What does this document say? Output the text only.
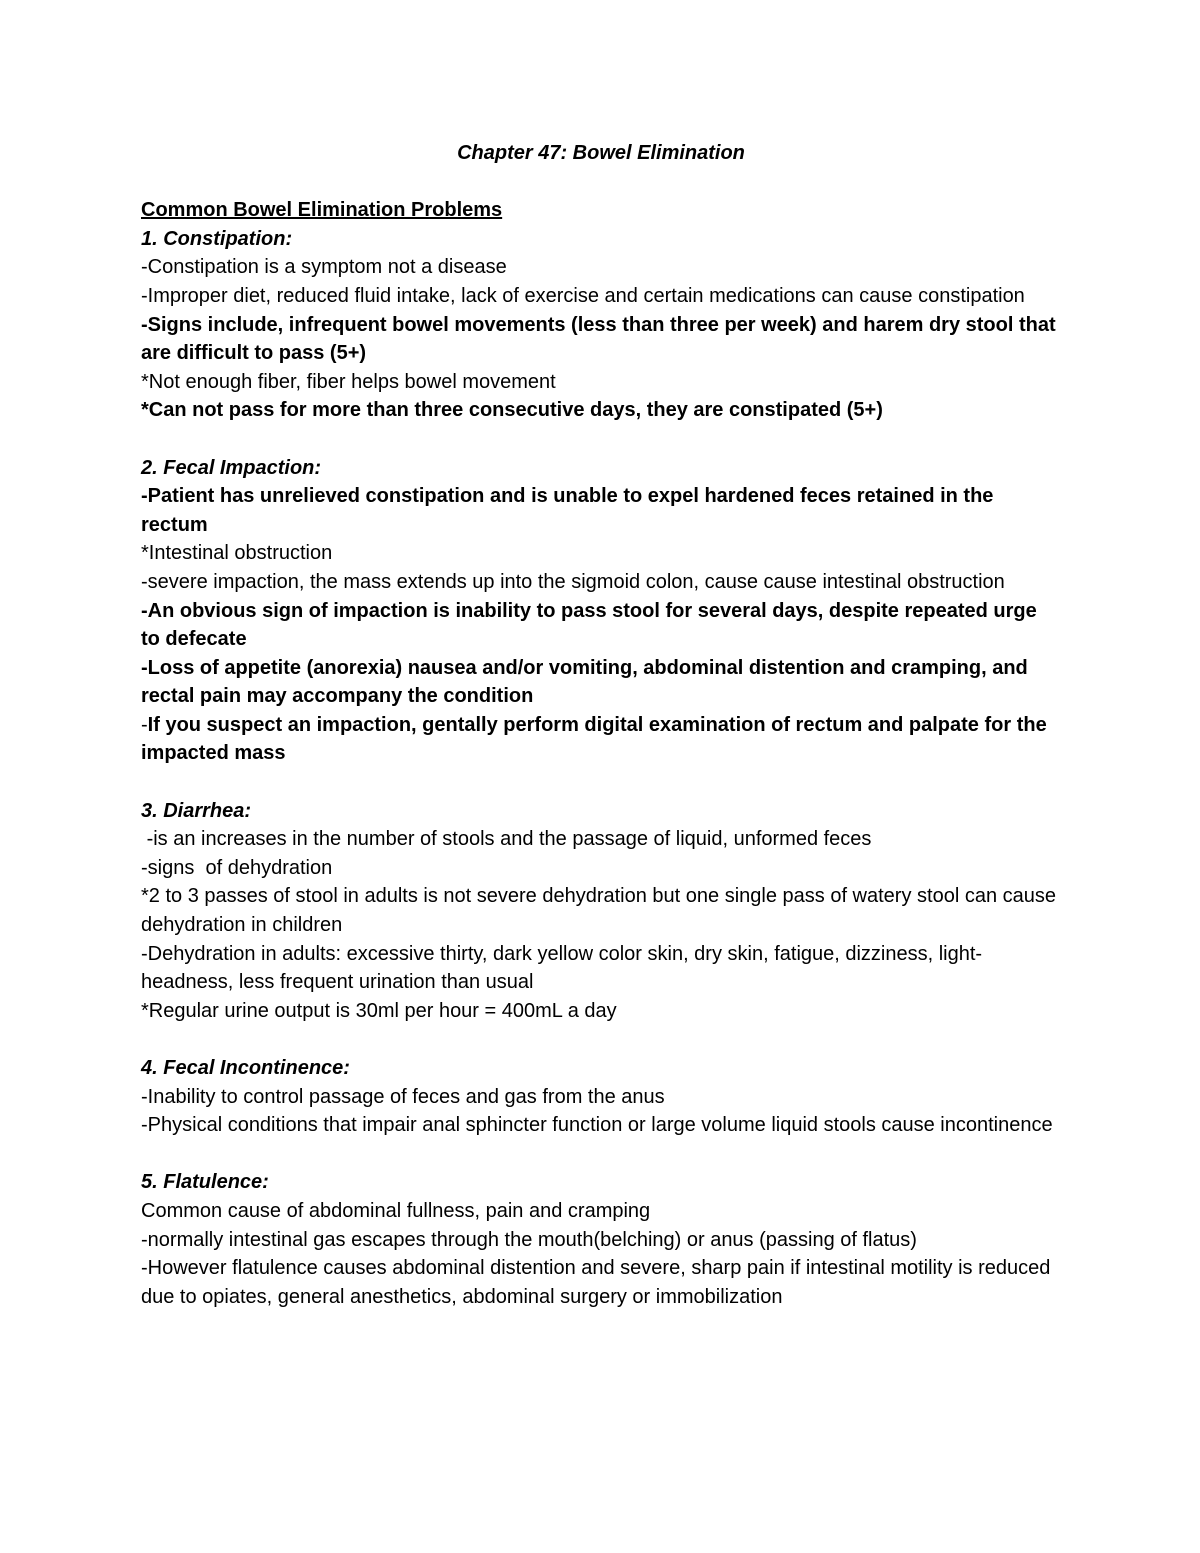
Chapter 47: Bowel Elimination
Common Bowel Elimination Problems
1. Constipation:
-Constipation is a symptom not a disease
-Improper diet, reduced fluid intake, lack of exercise and certain medications can cause constipation
-Signs include, infrequent bowel movements (less than three per week) and harem dry stool that are difficult to pass (5+)
*Not enough fiber, fiber helps bowel movement
*Can not pass for more than three consecutive days, they are constipated (5+)
2. Fecal Impaction:
-Patient has unrelieved constipation and is unable to expel hardened feces retained in the rectum
*Intestinal obstruction
-severe impaction, the mass extends up into the sigmoid colon, cause cause intestinal obstruction
-An obvious sign of impaction is inability to pass stool for several days, despite repeated urge to defecate
-Loss of appetite (anorexia) nausea and/or vomiting, abdominal distention and cramping, and rectal pain may accompany the condition
-If you suspect an impaction, gentally perform digital examination of rectum and palpate for the impacted mass
3. Diarrhea:
-is an increases in the number of stools and the passage of liquid, unformed feces
-signs  of dehydration
*2 to 3 passes of stool in adults is not severe dehydration but one single pass of watery stool can cause dehydration in children
-Dehydration in adults: excessive thirty, dark yellow color skin, dry skin, fatigue, dizziness, light-headness, less frequent urination than usual
*Regular urine output is 30ml per hour = 400mL a day
4. Fecal Incontinence:
-Inability to control passage of feces and gas from the anus
-Physical conditions that impair anal sphincter function or large volume liquid stools cause incontinence
5. Flatulence:
Common cause of abdominal fullness, pain and cramping
-normally intestinal gas escapes through the mouth(belching) or anus (passing of flatus)
-However flatulence causes abdominal distention and severe, sharp pain if intestinal motility is reduced due to opiates, general anesthetics, abdominal surgery or immobilization
